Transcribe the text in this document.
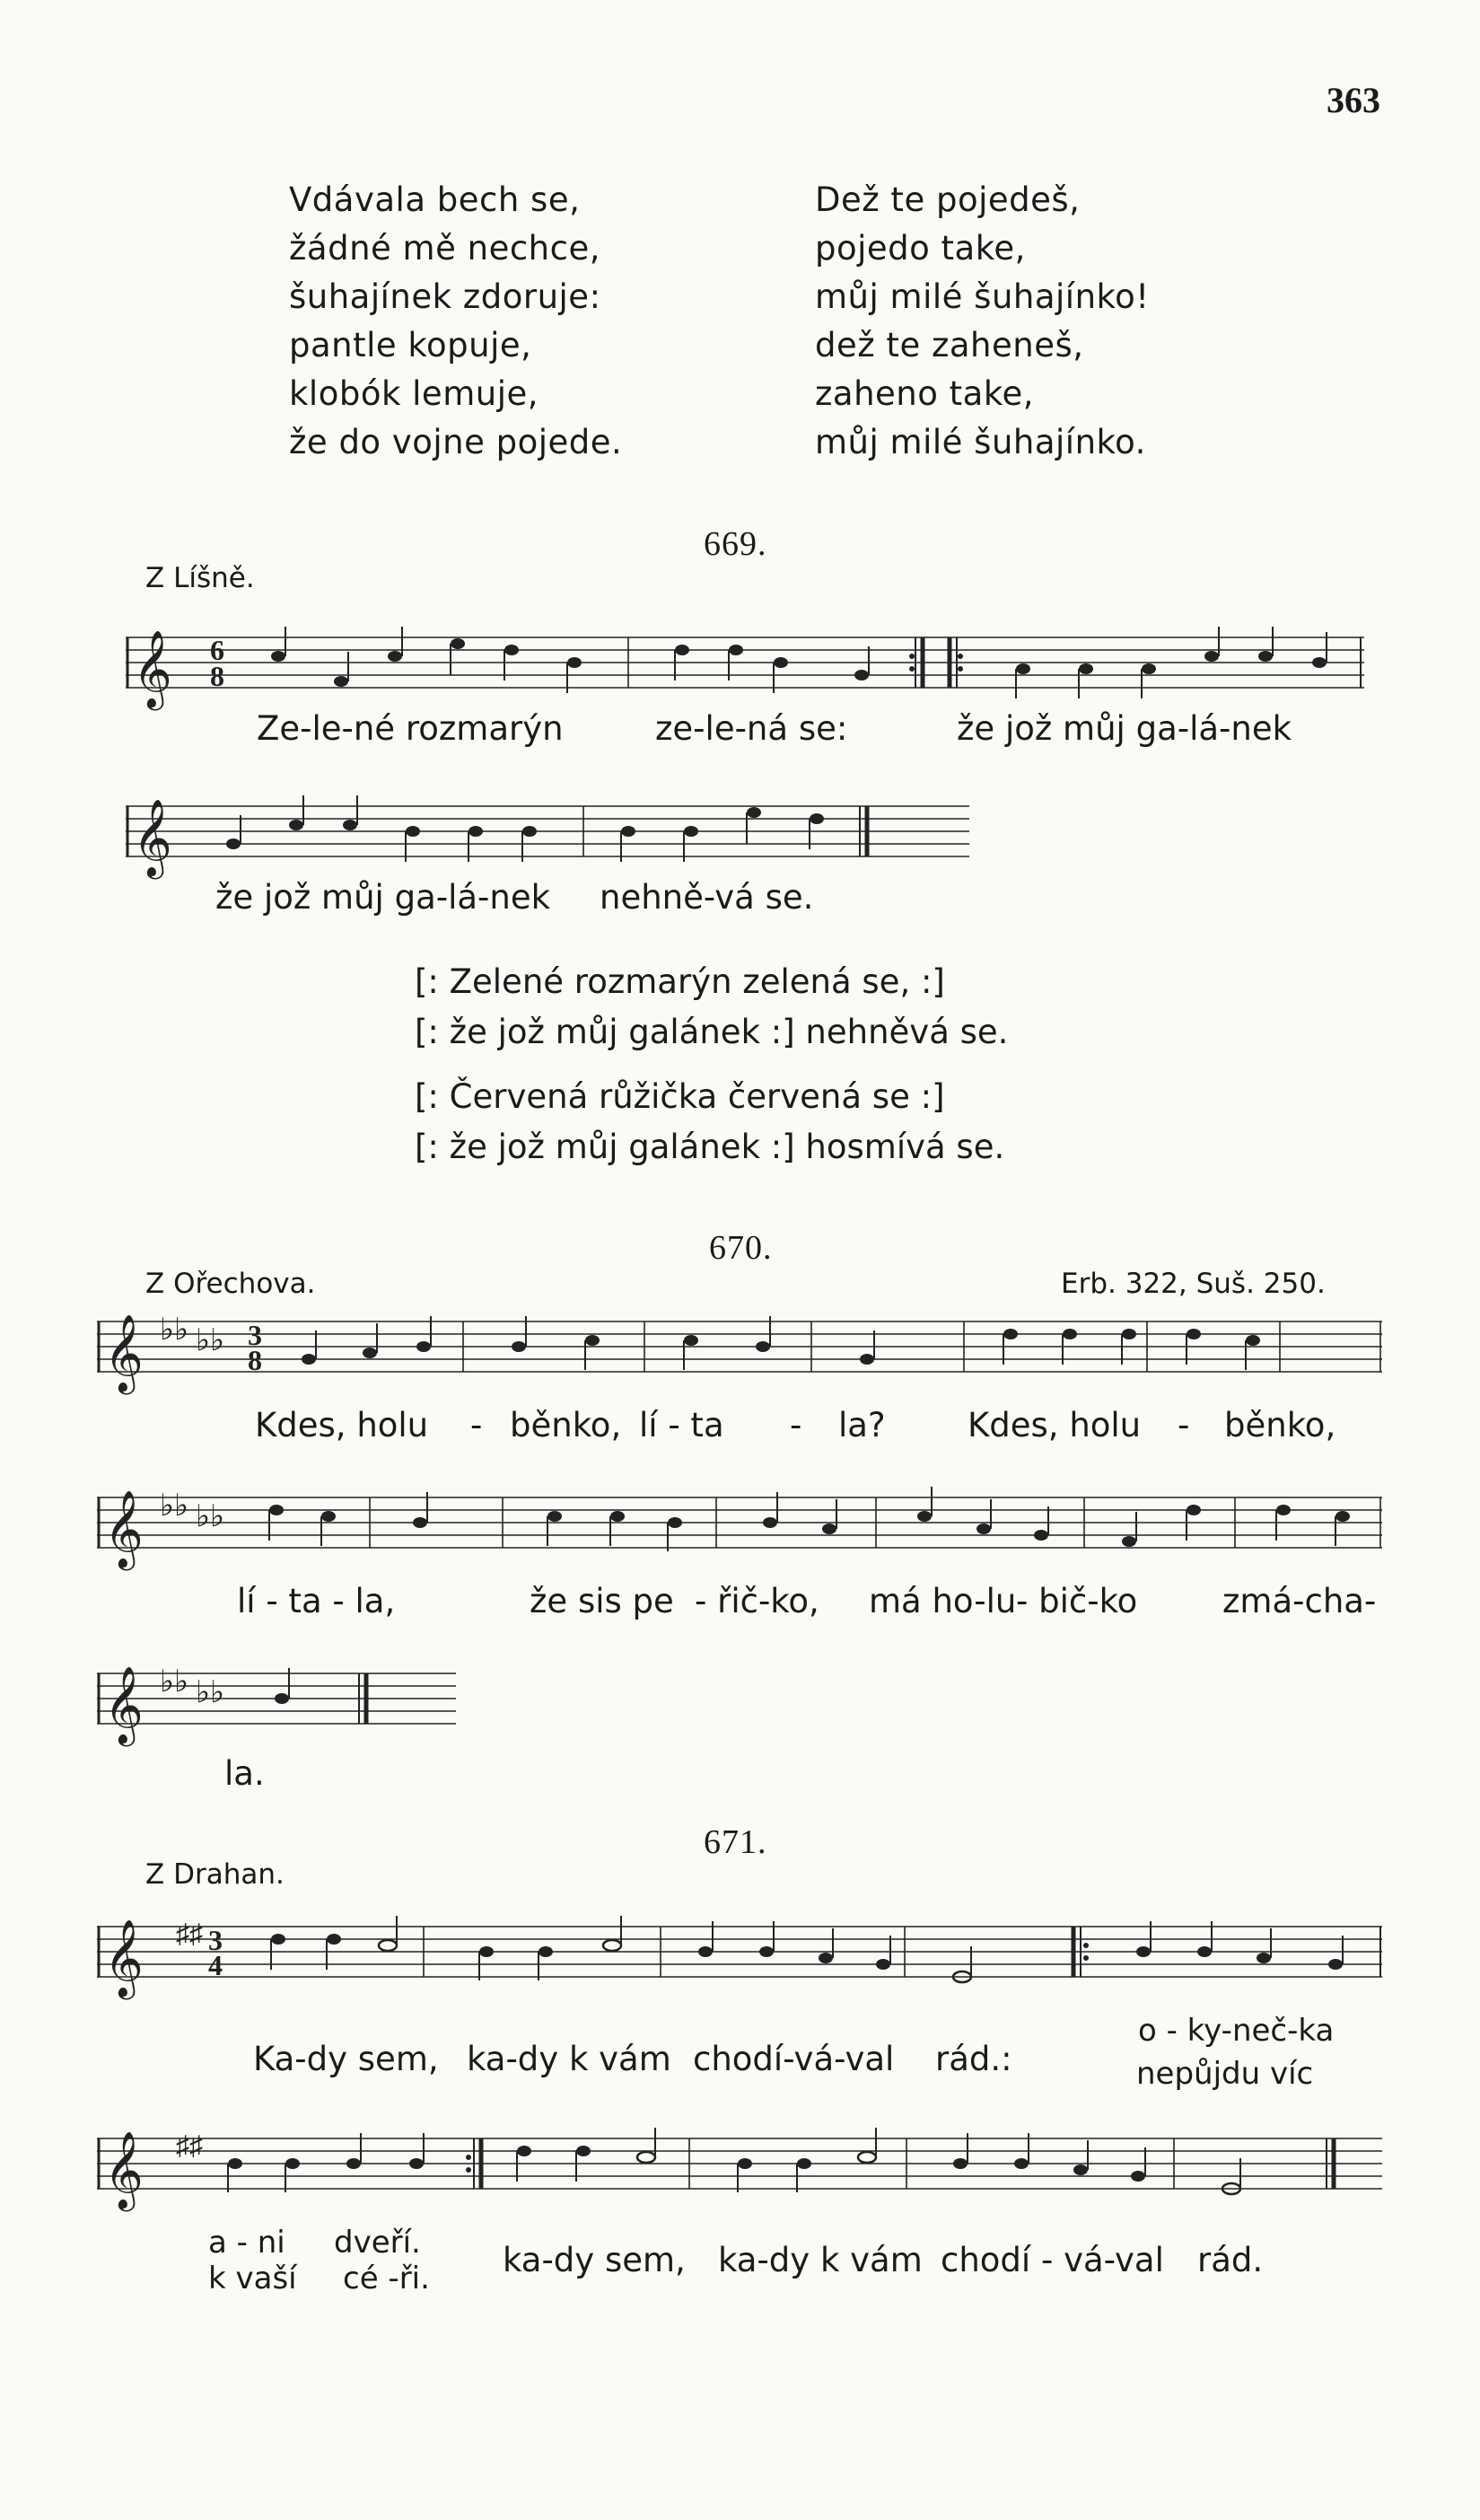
363
Vdávala bech se,
žádné mě nechce,
šuhajínek zdoruje:
pantle kopuje,
klobók lemuje,
že do vojne pojede.
Dež te pojedeš,
pojedo take,
můj milé šuhajínko!
dež te zaheneš,
zaheno take,
můj milé šuhajínko.
669.
Z Líšně.
𝄞 6
8
Ze-le-né rozmarýn	ze-le-ná se:	že jož můj ga-lá-nek
𝄞
že jož můj ga-lá-nek nehně-vá se.
[: Zelené rozmarýn zelená se, :]
[: že jož můj galánek :] nehněvá se.
[: Červená růžička červená se :]
[: že jož můj galánek :] hosmívá se.
670.
Z Ořechova.	Erb. 322, Suš. 250.
𝄞 ♭♭ ♭♭ 3
8
Kdes, holu - běnko, lí - ta - la? Kdes, holu - běnko,
𝄞 ♭♭ ♭♭
lí - ta - la,	že sis pe - řič-ko, má ho-lu - bič-ko	zmá-cha-
𝄞 ♭♭ ♭♭
la.
671.
Z Drahan.
𝄞 ♯♯ 3
4
Ka-dy sem, ka-dy k vám chodí-vá-val rád.:
o - ky-neč-ka
nepůjdu víc
𝄞 ♯♯
a - ni dveří.
k vaší cé -ři. ka-dy sem, ka-dy k vám chodí - vá-val rád.
